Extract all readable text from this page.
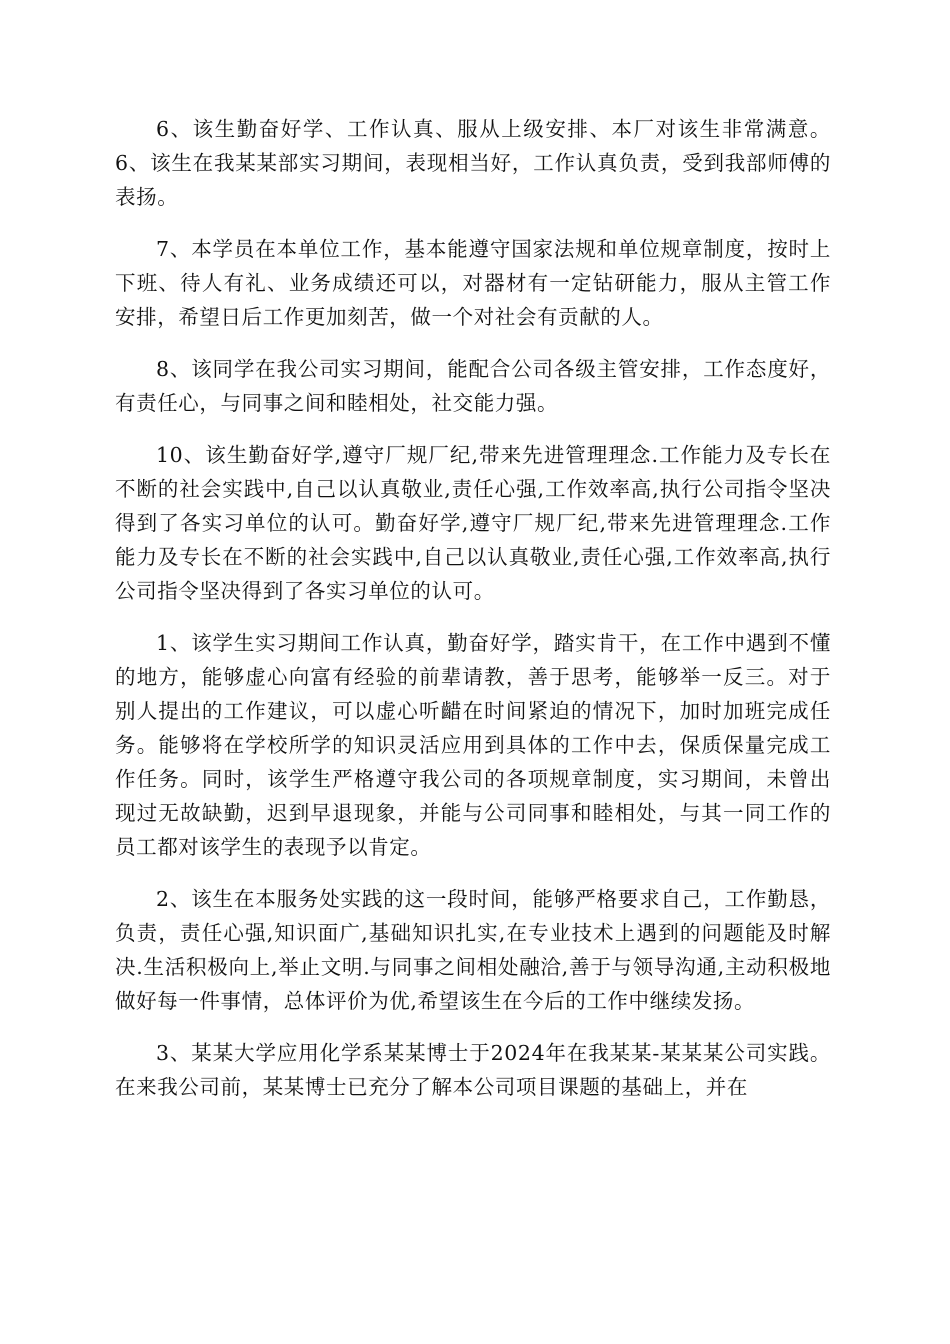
6、该生勤奋好学、工作认真、服从上级安排、本厂对该生非常满意。6、该生在我某某部实习期间，表现相当好，工作认真负责，受到我部师傅的表扬。

7、本学员在本单位工作，基本能遵守国家法规和单位规章制度，按时上下班、待人有礼、业务成绩还可以，对器材有一定钻研能力，服从主管工作安排，希望日后工作更加刻苦，做一个对社会有贡献的人。

8、该同学在我公司实习期间，能配合公司各级主管安排，工作态度好，有责任心，与同事之间和睦相处，社交能力强。

10、该生勤奋好学,遵守厂规厂纪,带来先进管理理念.工作能力及专长在不断的社会实践中,自己以认真敬业,责任心强,工作效率高,执行公司指令坚决得到了各实习单位的认可。勤奋好学,遵守厂规厂纪,带来先进管理理念.工作能力及专长在不断的社会实践中,自己以认真敬业,责任心强,工作效率高,执行公司指令坚决得到了各实习单位的认可。

1、该学生实习期间工作认真，勤奋好学，踏实肯干，在工作中遇到不懂的地方，能够虚心向富有经验的前辈请教，善于思考，能够举一反三。对于别人提出的工作建议，可以虚心听齰在时间紧迫的情况下，加时加班完成任务。能够将在学校所学的知识灵活应用到具体的工作中去，保质保量完成工作任务。同时，该学生严格遵守我公司的各项规章制度，实习期间，未曾出现过无故缺勤，迟到早退现象，并能与公司同事和睦相处，与其一同工作的员工都对该学生的表现予以肯定。

2、该生在本服务处实践的这一段时间，能够严格要求自己，工作勤恳，负责，责任心强,知识面广,基础知识扎实,在专业技术上遇到的问题能及时解决.生活积极向上,举止文明.与同事之间相处融洽,善于与领导沟通,主动积极地做好每一件事情，总体评价为优,希望该生在今后的工作中继续发扬。

3、某某大学应用化学系某某博士于2024年在我某某-某某某公司实践。在来我公司前，某某博士已充分了解本公司项目课题的基础上，并在
